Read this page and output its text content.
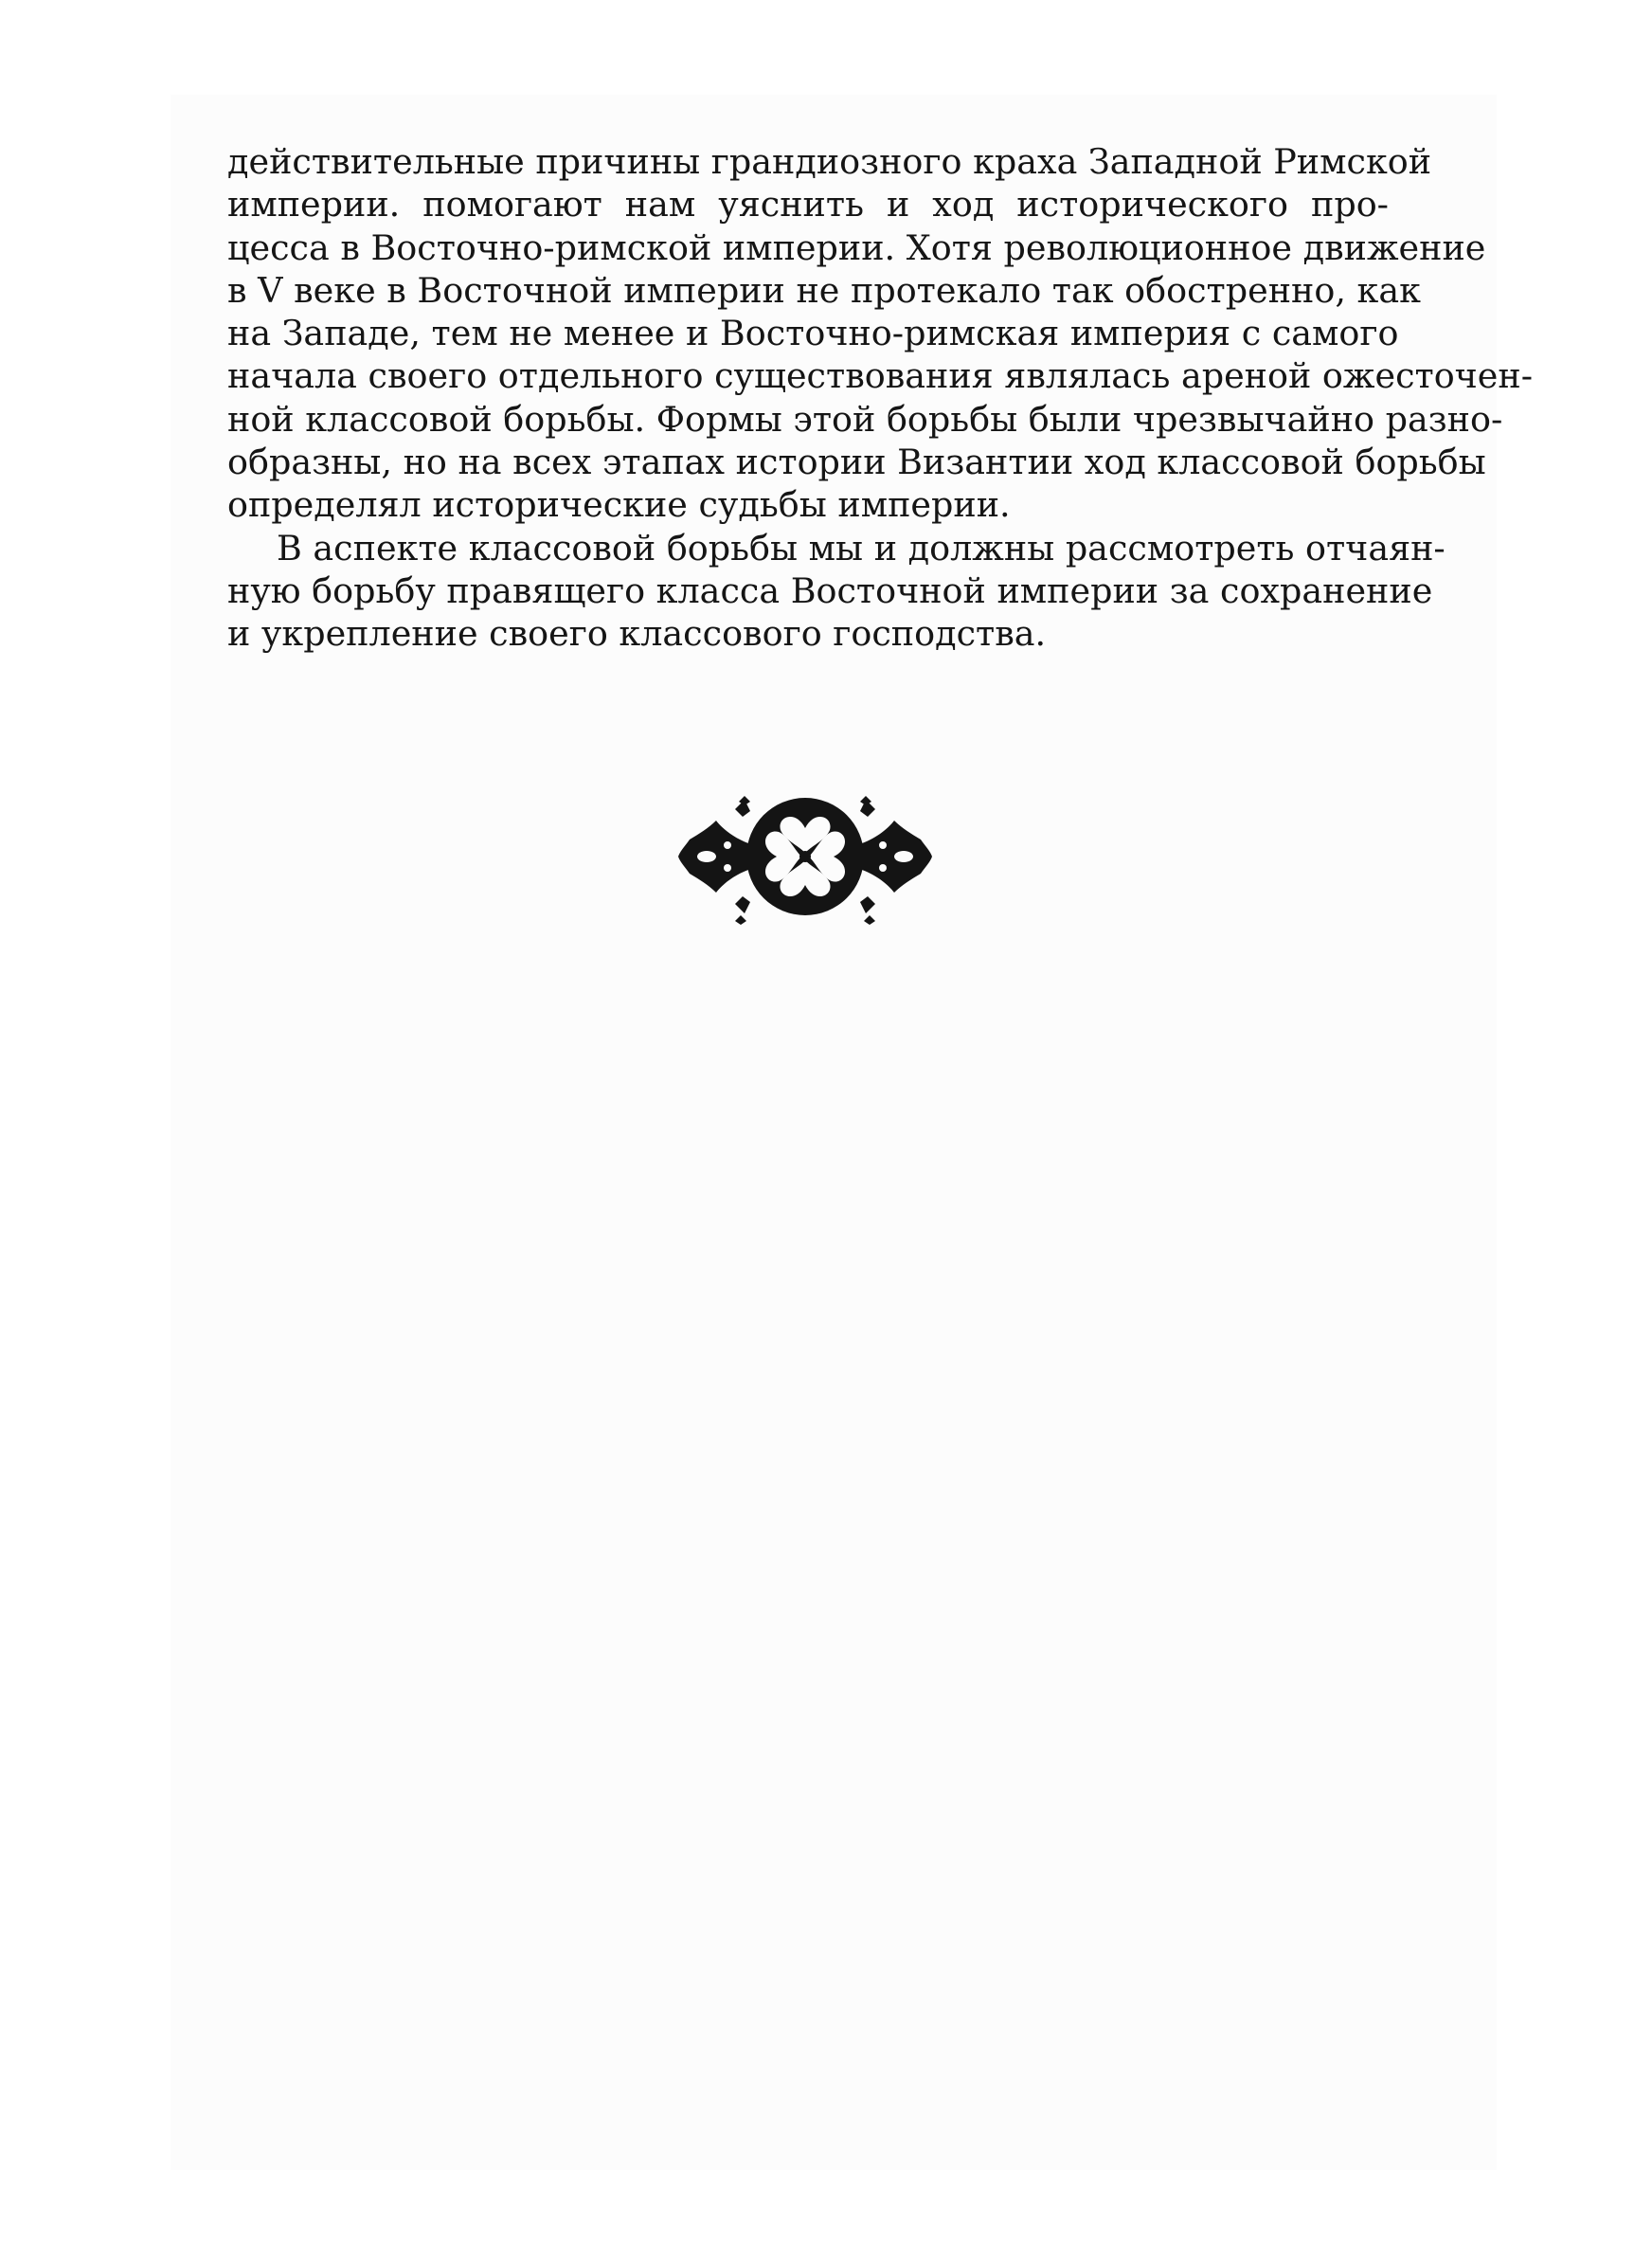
действительные причины грандиозного краха Западной Римской
империи. помогают нам уяснить и ход исторического про-
цесса в Восточно-римской империи. Хотя революционное движение
в V веке в Восточной империи не протекало так обостренно, как
на Западе, тем не менее и Восточно-римская империя с самого
начала своего отдельного существования являлась ареной ожесточен-
ной классовой борьбы. Формы этой борьбы были чрезвычайно разно-
образны, но на всех этапах истории Византии ход классовой борьбы
определял исторические судьбы империи.
В аспекте классовой борьбы мы и должны рассмотреть отчаян-
ную борьбу правящего класса Восточной империи за сохранение
и укрепление своего классового господства.
